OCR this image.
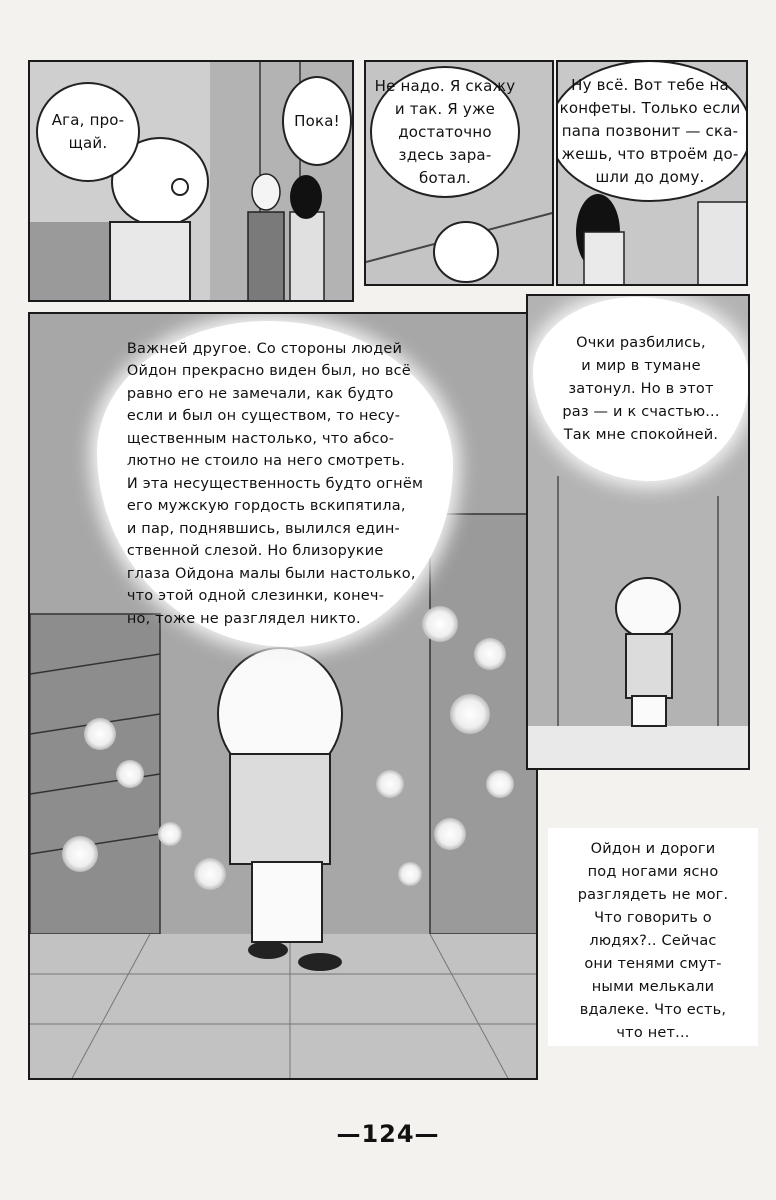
Ага, про-
щай.
Пока!
Не надо. Я скажу
и так. Я уже
достаточно
здесь зара-
ботал.
Ну всё. Вот тебе на
конфеты. Только если
папа позвонит — ска-
жешь, что втроём до-
шли до дому.
Важней другое. Со стороны людей
Ойдон прекрасно виден был, но всё
равно его не замечали, как будто
если и был он существом, то несу-
щественным настолько, что абсо-
лютно не стоило на него смотреть.
И эта несущественность будто огнём
его мужскую гордость вскипятила,
и пар, поднявшись, вылился един-
ственной слезой. Но близорукие
глаза Ойдона малы были настолько,
что этой одной слезинки, конеч-
но, тоже не разглядел никто.
Очки разбились,
и мир в тумане
затонул. Но в этот
раз — и к счастью...
Так мне спокойней.
Ойдон и дороги
под ногами ясно
разглядеть не мог.
Что говорить о
людях?.. Сейчас
они тенями смут-
ными мелькали
вдалеке. Что есть,
что нет...
—124—
